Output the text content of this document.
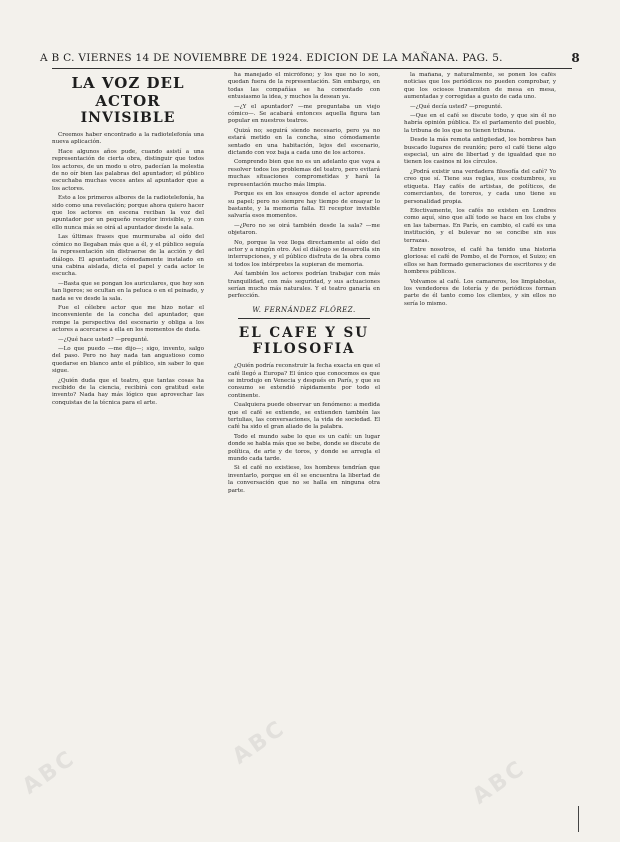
A B C. VIERNES 14 DE NOVIEMBRE DE 1924. EDICION DE LA MAÑANA. PAG. 5.	8
LA VOZ DEL ACTOR
INVISIBLE

Creemos haber encontrado a la radiotelefonía una nueva aplicación.

Hace algunos años pude, cuando asistí a una representación de cierta obra, distinguir que todos los actores, de un modo u otro, padecían la molestia de no oír bien las palabras del apuntador; el público escuchaba muchas veces antes al apuntador que a los actores.

Esto a los primeros albores de la radiotelefonía, ha sido como una revelación; porque ahora quiero hacer que los actores en escena reciban la voz del apuntador por un pequeño receptor invisible, y con ello nunca más se oirá al apuntador desde la sala.

Las últimas frases que murmuraba al oído del cómico no llegaban más que a él, y el público seguía la representación sin distraerse de la acción y del diálogo. El apuntador, cómodamente instalado en una cabina aislada, dicta el papel y cada actor le escucha.

—Basta que se pongan los auriculares, que hoy son tan ligeros; se ocultan en la peluca o en el peinado, y nada se ve desde la sala.

Fue el célebre actor que me hizo notar el inconveniente de la concha del apuntador, que rompe la perspectiva del escenario y obliga a los actores a acercarse a ella en los momentos de duda.

—¿Qué hace usted? —pregunté.

—Lo que puedo —me dijo—; sigo, invento, salgo del paso. Pero no hay nada tan angustioso como quedarse en blanco ante el público, sin saber lo que sigue.

¿Quién duda que el teatro, que tantas cosas ha recibido de la ciencia, recibirá con gratitud este invento? Nada hay más lógico que aprovechar las conquistas de la técnica para el arte.

ha manejado el micrófono; y los que no lo son, quedan fuera de la representación. Sin embargo, en todas las compañías se ha comentado con entusiasmo la idea, y muchos la desean ya.

—¿Y el apuntador? —me preguntaba un viejo cómico—. Se acabará entonces aquella figura tan popular en nuestros teatros.

Quizá no; seguirá siendo necesario, pero ya no estará metido en la concha, sino cómodamente sentado en una habitación, lejos del escenario, dictando con voz baja a cada uno de los actores.

Comprendo bien que no es un adelanto que vaya a resolver todos los problemas del teatro, pero evitará muchas situaciones comprometidas y hará la representación mucho más limpia.

Porque es en los ensayos donde el actor aprende su papel; pero no siempre hay tiempo de ensayar lo bastante, y la memoria falla. El receptor invisible salvaría esos momentos.

—¿Pero no se oirá también desde la sala? —me objetaron.

No, porque la voz llega directamente al oído del actor y a ningún otro. Así el diálogo se desarrolla sin interrupciones, y el público disfruta de la obra como si todos los intérpretes la supieran de memoria.

Así también los actores podrían trabajar con más tranquilidad, con más seguridad, y sus actuaciones serían mucho más naturales. Y el teatro ganaría en perfección.

W. FERNÁNDEZ FLÓREZ.
EL CAFE Y SU
FILOSOFIA

¿Quién podría reconstruir la fecha exacta en que el café llegó a Europa? El único que conocemos es que se introdujo en Venecia y después en París, y que su consumo se extendió rápidamente por todo el continente.

Cualquiera puede observar un fenómeno: a medida que el café se extiende, se extienden también las tertulias, las conversaciones, la vida de sociedad. El café ha sido el gran aliado de la palabra.

Todo el mundo sabe lo que es un café: un lugar donde se habla más que se bebe, donde se discute de política, de arte y de toros, y donde se arregla el mundo cada tarde.

Si el café no existiese, los hombres tendrían que inventarlo, porque en él se encuentra la libertad de la conversación que no se halla en ninguna otra parte.

la mañana, y naturalmente, se ponen los cafés noticias que los periódicos no pueden comprobar, y que los ociosos transmiten de mesa en mesa, aumentadas y corregidas a gusto de cada uno.

—¿Qué decía usted? —pregunté.

—Que en el café se discute todo, y que sin él no habría opinión pública. Es el parlamento del pueblo, la tribuna de los que no tienen tribuna.

Desde la más remota antigüedad, los hombres han buscado lugares de reunión; pero el café tiene algo especial, un aire de libertad y de igualdad que no tienen los casinos ni los círculos.

¿Podrá existir una verdadera filosofía del café? Yo creo que sí. Tiene sus reglas, sus costumbres, su etiqueta. Hay cafés de artistas, de políticos, de comerciantes, de toreros, y cada uno tiene su personalidad propia.

Efectivamente, los cafés no existen en Londres como aquí, sino que allí todo se hace en los clubs y en las tabernas. En París, en cambio, el café es una institución, y el bulevar no se concibe sin sus terrazas.

Entre nosotros, el café ha tenido una historia gloriosa: el café de Pombo, el de Fornos, el Suizo; en ellos se han formado generaciones de escritores y de hombres públicos.

Volvamos al café. Los camareros, los limpiabotas, los vendedores de lotería y de periódicos forman parte de él tanto como los clientes, y sin ellos no sería lo mismo.

ABC
ABC
ABC
